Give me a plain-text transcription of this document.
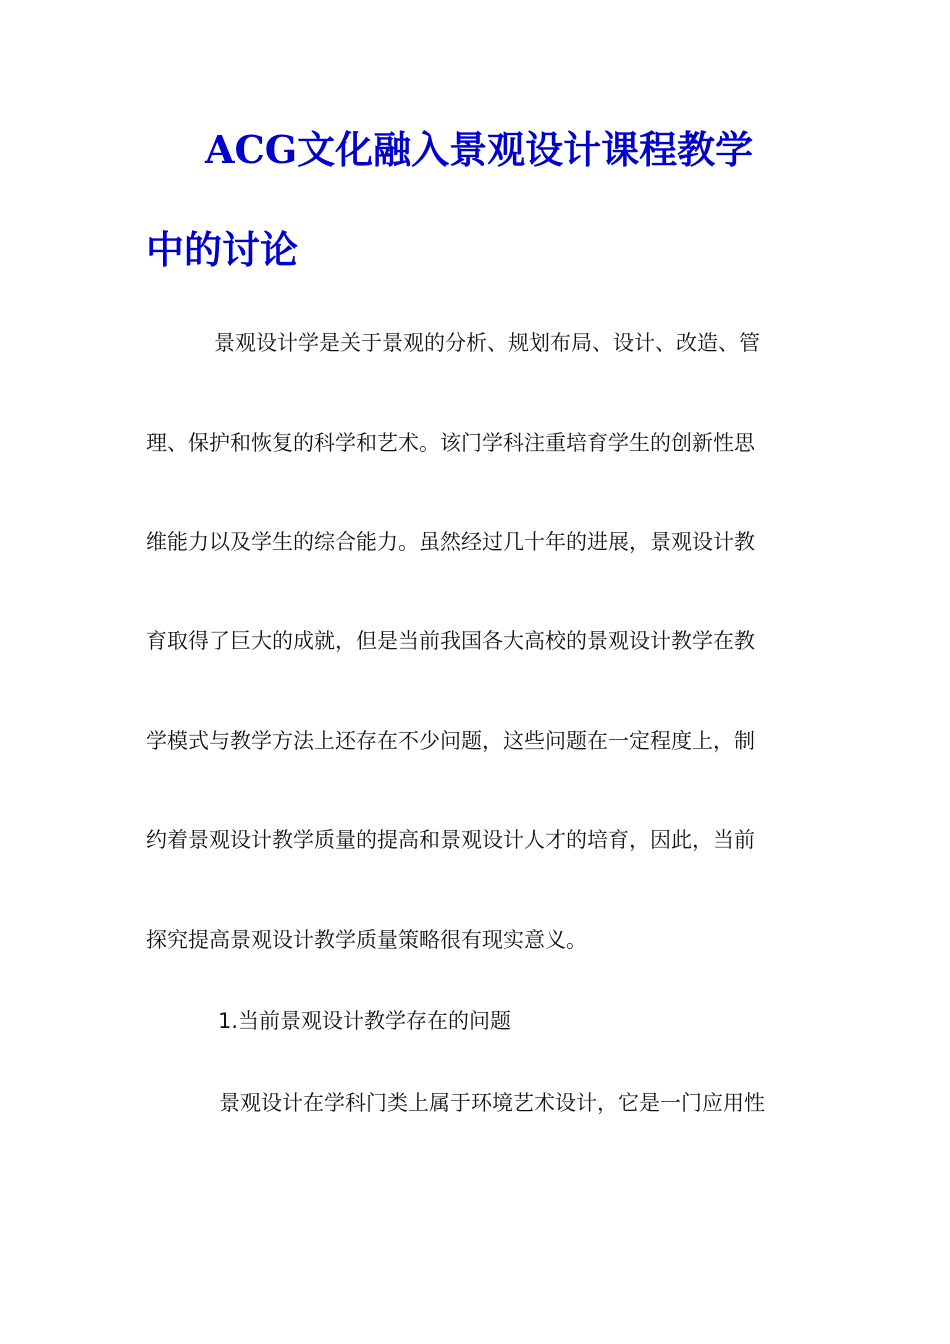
ACG文化融入景观设计课程教学
中的讨论
景观设计学是关于景观的分析、规划布局、设计、改造、管
理、保护和恢复的科学和艺术。该门学科注重培育学生的创新性思
维能力以及学生的综合能力。虽然经过几十年的进展，景观设计教
育取得了巨大的成就，但是当前我国各大高校的景观设计教学在教
学模式与教学方法上还存在不少问题，这些问题在一定程度上，制
约着景观设计教学质量的提高和景观设计人才的培育，因此，当前
探究提高景观设计教学质量策略很有现实意义。
1.当前景观设计教学存在的问题
景观设计在学科门类上属于环境艺术设计，它是一门应用性
